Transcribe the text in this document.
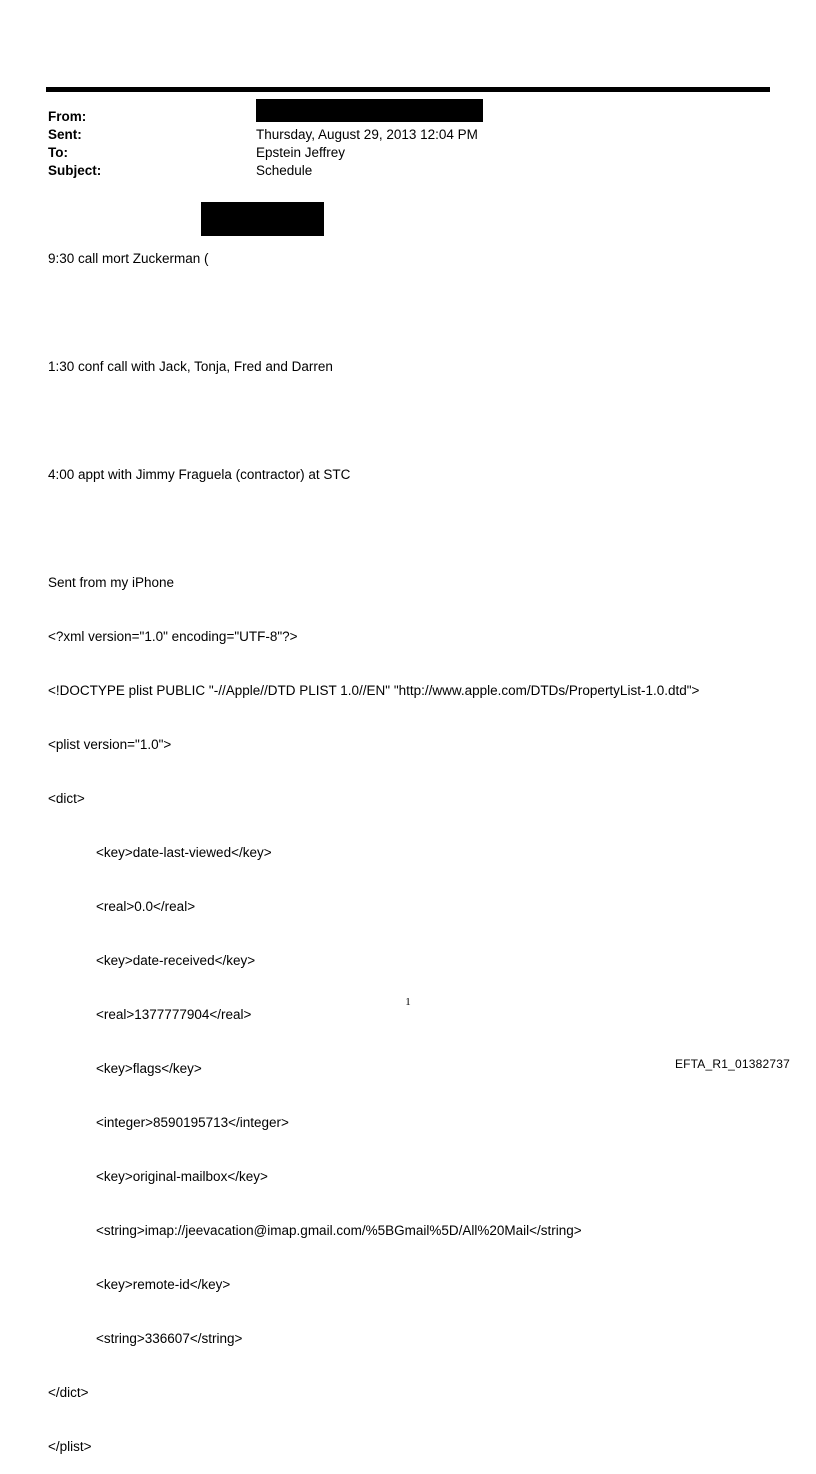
From:
Sent:	Thursday, August 29, 2013 12:04 PM
To:	Epstein Jeffrey
Subject:	Schedule

9:30 call mort Zuckerman (

1:30 conf call with Jack, Tonja, Fred and Darren

4:00 appt with Jimmy Fraguela (contractor) at STC

Sent from my iPhone

<?xml version="1.0" encoding="UTF-8"?>

<!DOCTYPE plist PUBLIC "-//Apple//DTD PLIST 1.0//EN" "http://www.apple.com/DTDs/PropertyList-1.0.dtd">

<plist version="1.0">

<dict>

<key>date-last-viewed</key>

<real>0.0</real>

<key>date-received</key>

<real>1377777904</real>

<key>flags</key>

<integer>8590195713</integer>

<key>original-mailbox</key>

<string>imap://jeevacation@imap.gmail.com/%5BGmail%5D/All%20Mail</string>

<key>remote-id</key>

<string>336607</string>

</dict>

</plist>

1
EFTA_R1_01382737
